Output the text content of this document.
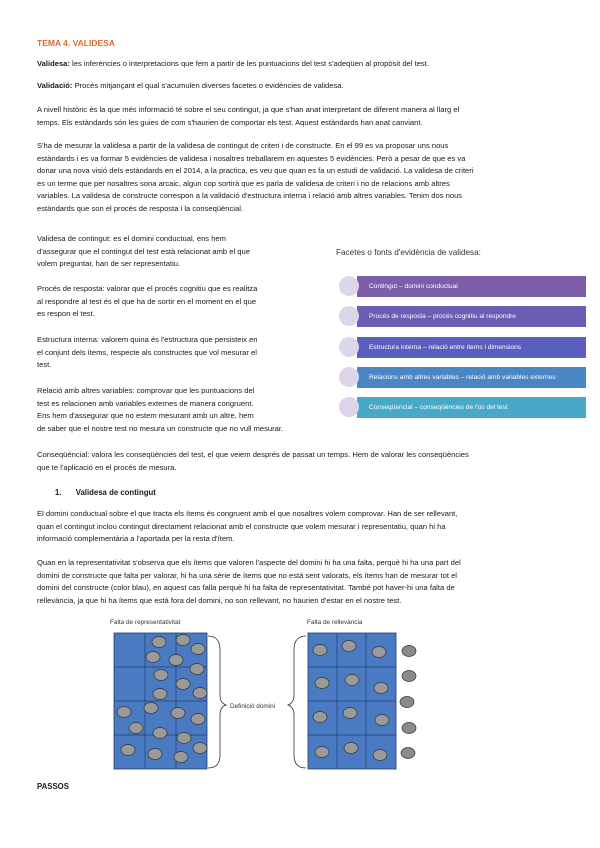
TEMA 4. VALIDESA
Validesa: les inferències o interpretacions que fem a partir de les puntuacions del test s'adeqüen al propòsit del test.
Validació: Procés mitjançant el qual s'acumulen diverses facetes o evidències de validesa.
A nivell històric és la que més informació té sobre el seu contingut, ja que s'han anat interpretant de diferent manera al llarg el
temps. Els estàndards són les guies de com s'haurien de comportar els test. Aquest estàndards han anat canviant.
S'ha de mesurar la validesa a partir de la validesa de contingut de criteri i de constructe. En el 99 es va proposar uns nous
estàndards i es va formar 5 evidències de validesa i nosaltres treballarem en aquestes 5 evidències. Però a pesar de que es va
donar una nova visió dels estàndards en el 2014, a la practica, es veu que quan es fa un estudi de validació. La validesa de criteri
es un terme que per nosaltres sona arcaic, algun cop sortirà que es parla de validesa de criteri i no de relacions amb altres
variables. La validesa de constructe correspon a la validació d'estructura interna i relació amb altres variables. Tenim dos nous
estàndards que son el procés de resposta i la conseqüèncial.
Validesa de contingut: es el domini conductual, ens hem
d'assegurar que el contingut del test està relacionat amb el que
volem preguntar, han de ser representatiu.
Procés de resposta: valorar que el procés cognitiu que es realitza
al respondre al test és el que ha de sortir en el moment en el que
es respon el test.
Estructura interna: valorem quina és l'estructura que persisteix en
el conjunt dels ítems, respecte als constructes que vol mesurar el
test.
Relació amb altres variables: comprovar que les puntuacions del
test es relacionen amb variables externes de manera congruent.
Ens hem d'assegurar que no estem mesurant amb un altre, hem
de saber que el nostre test no mesura un constructe que no vull mesurar.
Facetes o fonts d'evidència de validesa:
Contingut – domini conductual
Procés de resposta – procés cognitiu al respondre
Estructura interna – relació entre ítems i dimensions
Relacions amb altres variables – relació amb variables externes
Conseqüencial – conseqüències de l'ús del test
Conseqüèncial: valora les conseqüències del test, el que veiem després de passat un temps. Hem de valorar les conseqüències
que te l'aplicació en el procés de mesura.
1. Validesa de contingut
El domini conductual sobre el que tracta els ítems és congruent amb el que nosaltres volem comprovar. Han de ser rellevant,
quan el contingut inclou contingut directament relacionat amb el constructe que volem mesurar i representatiu, quan hi ha
informació complementària a l'aportada per la resta d'ítem.
Quan en la representativitat s'observa que els ítems que valoren l'aspecte del domini hi ha una falta, perquè hi ha una part del
domini de constructe que falta per valorar, hi ha una sèrie de ítems que no està sent valorats, els ítems han de mesurar tot el
domini del constructe (color blau), en aquest cas falla perquè hi ha falta de representativitat. També pot haver-hi una falta de
rellevància, ja que hi ha ítems que està fora del domini, no son rellevant, no haurien d'estar en el nostre test.
Falta de representativitat	Falta de rellevància
Definició domini
PASSOS
